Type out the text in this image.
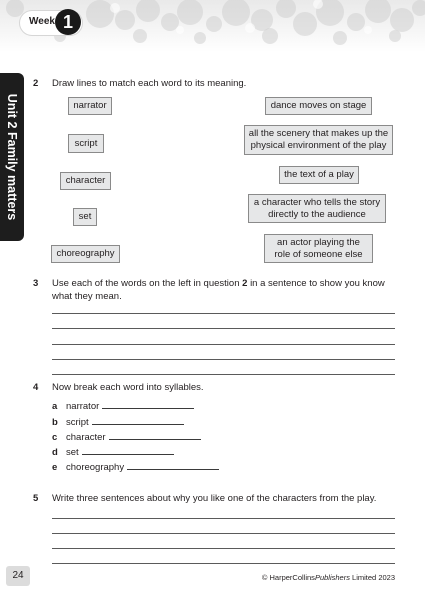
Week 1
Unit 2 Family matters
2 Draw lines to match each word to its meaning.
narrator
script
character
set
choreography
dance moves on stage
all the scenery that makes up the physical environment of the play
the text of a play
a character who tells the story directly to the audience
an actor playing the role of someone else
3 Use each of the words on the left in question 2 in a sentence to show you know what they mean.
4 Now break each word into syllables.
a narrator
b script
c character
d set
e choreography
5 Write three sentences about why you like one of the characters from the play.
24	© HarperCollinsPublishers Limited 2023
